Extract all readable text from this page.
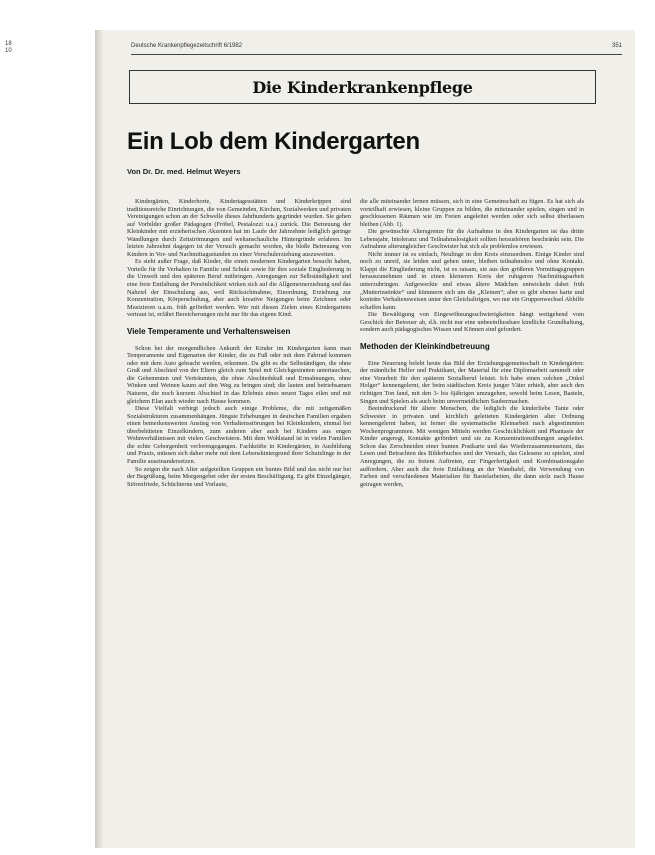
18
10
Deutsche Krankenpflegezeitschrift 6/1982	351
Die Kinderkrankenpflege
Ein Lob dem Kindergarten
Von Dr. Dr. med. Helmut Weyers

Kindergärten, Kinderhorte, Kindertagesstätten und Kinderkrippen sind traditionsreiche Einrichtungen, die von Gemeinden, Kirchen, Sozialwerken und privaten Vereinigungen schon an der Schwelle dieses Jahrhunderts gegründet wurden. Sie gehen auf Vorbilder großer Pädagogen (Fröbel, Pestalozzi u.a.) zurück. Die Betreuung der Kleinkinder mit erzieherischen Akzenten hat im Laufe der Jahrzehnte lediglich geringe Wandlungen durch Zeitströmungen und weltanschauliche Hintergründe erfahren. Im letzten Jahrzehnt dagegen ist der Versuch gemacht worden, die bloße Betreuung von Kindern in Vor- und Nachmittagsstunden zu einer Vorschulerziehung auszuweiten.

Es steht außer Frage, daß Kinder, die einen modernen Kindergarten besucht haben, Vorteile für ihr Verhalten in Familie und Schule sowie für ihre soziale Eingliederung in die Umwelt und den späteren Beruf mitbringen. Anregungen zur Selbständigkeit und eine freie Entfaltung der Persönlichkeit wirken sich auf die Allgemeinerziehung und das Nahziel der Einschulung aus, weil Rücksichtnahme, Einordnung, Erziehung zur Konzentration, Körperschulung, aber auch kreative Neigungen beim Zeichnen oder Musizieren u.a.m. früh gefördert werden. Wer mit diesen Zielen eines Kindergartens vertraut ist, erfährt Bereicherungen nicht nur für das eigene Kind.

Viele Temperamente und Verhaltensweisen

Schon bei der morgendlichen Ankunft der Kinder im Kindergarten kann man Temperamente und Eigenarten der Kinder, die zu Fuß oder mit dem Fahrrad kommen oder mit dem Auto gebracht werden, erkennen. Da gibt es die Selbständigen, die ohne Gruß und Abschied von der Eltern gleich zum Spiel mit Gleichgesinnten untertauchen, die Gehemmten und Verträumten, die ohne Abschiedskuß und Ermahnungen, ohne Winken und Weinen kaum auf den Weg zu bringen sind; die lauten und betriebsamen Naturen, die noch kurzem Abschied in das Erlebnis eines neuen Tages eilen und mit gleichem Elan auch wieder nach Hause kommen.

Diese Vielfalt verbirgt jedoch auch einige Probleme, die mit zeitgemäßen Sozialstrukturen zusammenhängen. Jüngste Erhebungen in deutschen Familien ergaben einen bemerkenswerten Anstieg von Verhaltensstörungen bei Kleinkindern, einmal bei überbehüteten Einzelkindern, zum anderen aber auch bei Kindern aus engen Wohnverhältnissen mit vielen Geschwistern. Mit dem Wohlstand ist in vielen Familien die echte Geborgenheit verlorengegangen. Fachkräfte in Kindergärten, in Ausbildung und Praxis, müssen sich daher mehr mit dem Lebenshintergrund ihrer Schutzlinge in der Familie auseinandersetzen.

So zeigen die nach Alter aufgeteilten Gruppen ein buntes Bild und das nicht nur bei der Begrüßung, beim Morgengebet oder der ersten Beschäftigung. Es gibt Einzelgänger, Störenfriede, Schüchterne und Vorlaute,

die alle miteinander lernen müssen, sich in eine Gemeinschaft zu fügen. Es hat sich als vorteilhaft erwiesen, kleine Gruppen zu bilden, die miteinander spielen, singen und in geschlossenen Räumen wie im Freien angeleitet werden oder sich selbst überlassen bleiben (Abb. 1).

Die gewünschte Altersgrenze für die Aufnahme in den Kindergarten ist das dritte Lebensjahr, Intoleranz und Teilnahmslosigkeit sollten heraushören beschränkt sein. Die Aufnahme alterungleicher Geschwister hat sich als problemlos erwiesen.

Nicht immer ist es einfach, Neulinge in den Kreis einzuordnen. Einige Kinder sind noch zu unreif, sie leiden und gehen unter, bleiben teilnahmslos und ohne Kontakt. Klappt die Eingliederung nicht, ist es ratsam, sie aus den größeren Vormittagsgruppen herauszunehmen und in einen kleineren Kreis der ruhigeren Nachmittagsarbeit unterzubringen. Aufgeweckte und etwas ältere Mädchen entwickeln dabei früh „Mutterinstinkte“ und kümmern sich um die „Kleinen“; aber es gibt ebenso harte und konträre Verhaltensweisen unter den Gleichaltrigen, wo nur ein Gruppenwechsel Abhilfe schaffen kann.

Die Bewältigung von Eingewöhnungsschwierigkeiten hängt weitgehend vom Geschick der Betreuer ab, d.h. nicht nur eine unbeeinflussbare kindliche Grundhaltung, sondern auch pädagogisches Wissen und Können sind gefordert.

Methoden der Kleinkindbetreuung

Eine Neuerung belebt heute das Bild der Erziehungsgemeinschaft in Kindergärten: der männliche Helfer und Praktikant, der Material für eine Diplomarbeit sammelt oder eine Vorarbeit für den späteren Sozialberuf leistet. Ich habe einen solchen „Onkel Holger“ kennengelernt, der beim städtischen Kreis junger Väter erhielt, aber auch den richtigen Ton fand, mit den 3- bis 6jährigen umzugehen, sowohl beim Lesen, Basteln, Singen und Spielen als auch beim unvermeidlichen Saubermachen.

Beeindruckend für ältere Menschen, die lediglich die kinderliebe Tante oder Schwester in privaten und kirchlich geleiteten Kindergärten alter Ordnung kennengelernt haben, ist ferner die systematische Kleinarbeit nach abgestimmten Wochenprogrammen. Mit wenigen Mitteln werden Geschicklichkeit und Phantasie der Kinder angeregt, Kontakte gefördert und sie zu Konzentrationsübungen angeleitet. Schon das Zerschneiden einer bunten Postkarte und das Wiederzusammensetzen, das Lesen und Betrachten des Bilderbuches und der Versuch, das Gelesene zu spielen, sind Anregungen, die zu freiem Auftreten, zur Fingerfertigkeit und Kombinationsgabe auffordern. Aber auch die freie Entfaltung an der Wandtafel, die Verwendung von Farben und verschiedenen Materialien für Bastelarbeiten, die dann stolz nach Hause getragen werden,
